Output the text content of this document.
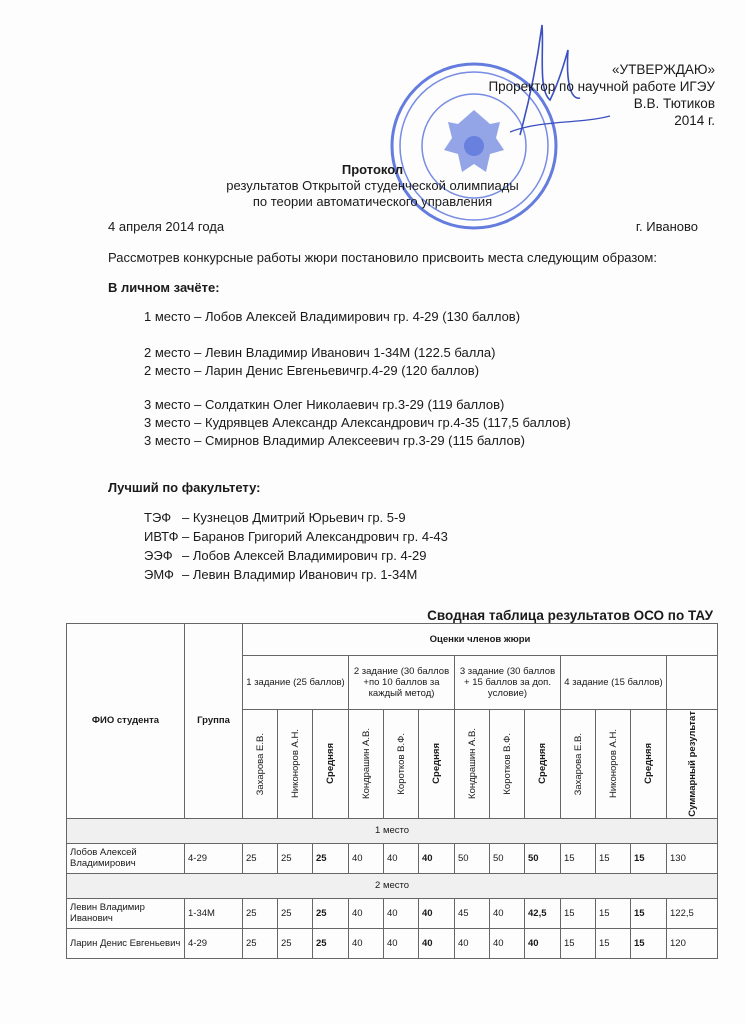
«УТВЕРЖДАЮ»
Проректор по научной работе ИГЭУ
В.В. Тютиков
2014 г.
Протокол
результатов Открытой студенческой олимпиады
по теории автоматического управления
4 апреля 2014 года	г. Иваново
Рассмотрев конкурсные работы жюри постановило присвоить места следующим образом:
В личном зачёте:
1 место – Лобов Алексей Владимирович гр. 4-29 (130 баллов)
2 место – Левин Владимир Иванович 1-34М (122.5 балла)
2 место – Ларин Денис Евгеньевичгр.4-29 (120 баллов)
3 место – Солдаткин Олег Николаевич гр.3-29 (119 баллов)
3 место – Кудрявцев Александр Александрович гр.4-35 (117,5 баллов)
3 место – Смирнов Владимир Алексеевич гр.3-29 (115 баллов)
Лучший по факультету:
ТЭФ – Кузнецов Дмитрий Юрьевич гр. 5-9
ИВТФ – Баранов Григорий Александрович гр. 4-43
ЭЭФ – Лобов Алексей Владимирович гр. 4-29
ЭМФ – Левин Владимир Иванович гр. 1-34М
Сводная таблица результатов ОСО по ТАУ
ФИО студента	Группа	Оценки членов жюри												
		1 задание (25 баллов)			2 задание (30 баллов +по 10 баллов за каждый метод)			3 задание (30 баллов + 15 баллов за доп. условие)			4 задание (15 баллов)			

		Захарова Е.В.	Никоноров А.Н.	Средняя	Кондрашин А.В.	Коротков В.Ф.	Средняя	Кондрашин А.В.	Коротков В.Ф.	Средняя	Захарова Е.В.	Никоноров А.Н.	Средняя	Суммарный результат

1 место														
Лобов Алексей Владимирович	4-29	25	25	25	40	40	40	50	50	50	15	15	15	130
2 место														
Левин Владимир Иванович	1-34М	25	25	25	40	40	40	45	40	42,5	15	15	15	122,5
Ларин Денис Евгеньевич	4-29	25	25	25	40	40	40	40	40	40	15	15	15	120
